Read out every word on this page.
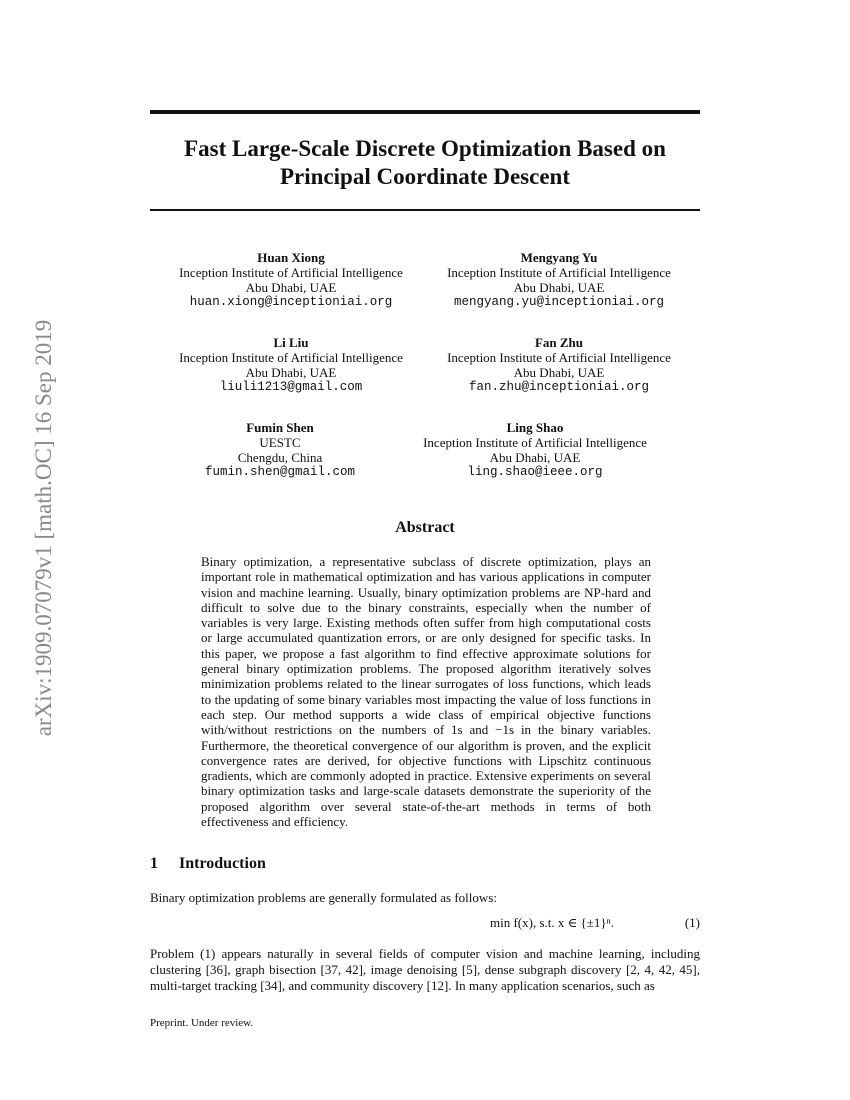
arXiv:1909.07079v1 [math.OC] 16 Sep 2019
Fast Large-Scale Discrete Optimization Based on
Principal Coordinate Descent
Huan Xiong
Inception Institute of Artificial Intelligence
Abu Dhabi, UAE
huan.xiong@inceptioniai.org
Mengyang Yu
Inception Institute of Artificial Intelligence
Abu Dhabi, UAE
mengyang.yu@inceptioniai.org
Li Liu
Inception Institute of Artificial Intelligence
Abu Dhabi, UAE
liuli1213@gmail.com
Fan Zhu
Inception Institute of Artificial Intelligence
Abu Dhabi, UAE
fan.zhu@inceptioniai.org
Fumin Shen
UESTC
Chengdu, China
fumin.shen@gmail.com
Ling Shao
Inception Institute of Artificial Intelligence
Abu Dhabi, UAE
ling.shao@ieee.org
Abstract
Binary optimization, a representative subclass of discrete optimization, plays an important role in mathematical optimization and has various applications in computer vision and machine learning. Usually, binary optimization problems are NP-hard and difficult to solve due to the binary constraints, especially when the number of variables is very large. Existing methods often suffer from high computational costs or large accumulated quantization errors, or are only designed for specific tasks. In this paper, we propose a fast algorithm to find effective approximate solutions for general binary optimization problems. The proposed algorithm iteratively solves minimization problems related to the linear surrogates of loss functions, which leads to the updating of some binary variables most impacting the value of loss functions in each step. Our method supports a wide class of empirical objective functions with/without restrictions on the numbers of 1s and −1s in the binary variables. Furthermore, the theoretical convergence of our algorithm is proven, and the explicit convergence rates are derived, for objective functions with Lipschitz continuous gradients, which are commonly adopted in practice. Extensive experiments on several binary optimization tasks and large-scale datasets demonstrate the superiority of the proposed algorithm over several state-of-the-art methods in terms of both effectiveness and efficiency.
1 Introduction
Binary optimization problems are generally formulated as follows:
min f(x), s.t. x ∈ {±1}ⁿ.	(1)
Problem (1) appears naturally in several fields of computer vision and machine learning, including clustering [36], graph bisection [37, 42], image denoising [5], dense subgraph discovery [2, 4, 42, 45], multi-target tracking [34], and community discovery [12]. In many application scenarios, such as
Preprint. Under review.
